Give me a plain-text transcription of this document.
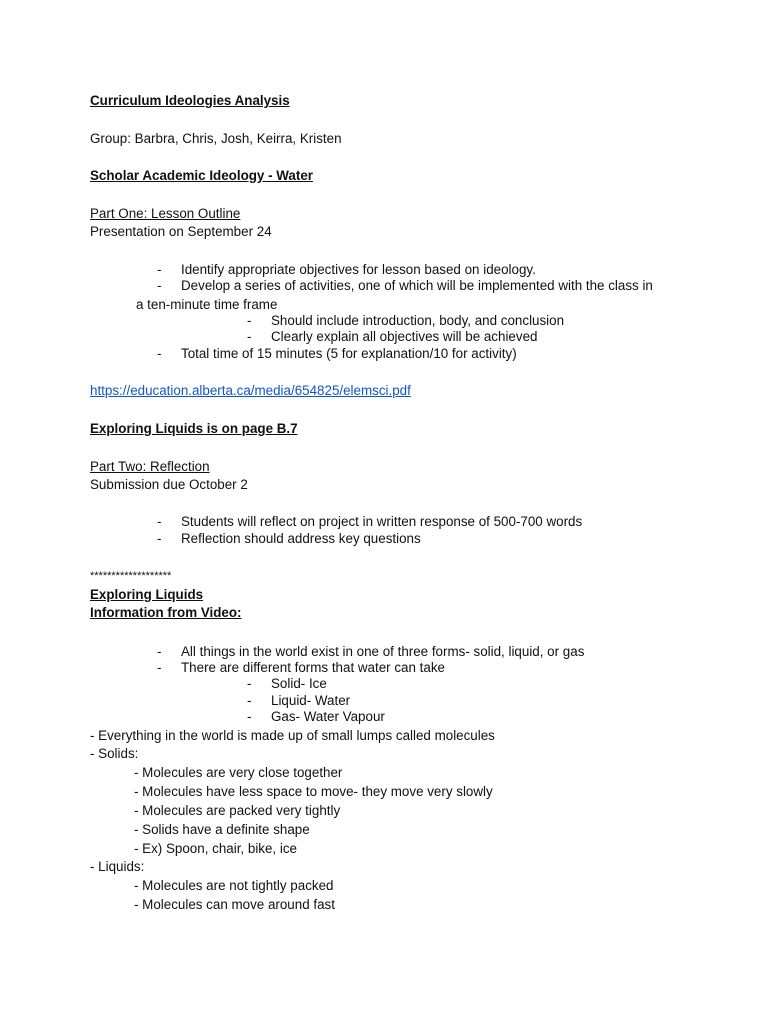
Curriculum Ideologies Analysis
Group: Barbra, Chris, Josh, Keirra, Kristen
Scholar Academic Ideology - Water
Part One: Lesson Outline
Presentation on September 24
- Identify appropriate objectives for lesson based on ideology.
- Develop a series of activities, one of which will be implemented with the class in
a ten-minute time frame
- Should include introduction, body, and conclusion
- Clearly explain all objectives will be achieved
- Total time of 15 minutes (5 for explanation/10 for activity)
https://education.alberta.ca/media/654825/elemsci.pdf
Exploring Liquids is on page B.7
Part Two: Reflection
Submission due October 2
- Students will reflect on project in written response of 500-700 words
- Reflection should address key questions
*******************
Exploring Liquids
Information from Video:
- All things in the world exist in one of three forms- solid, liquid, or gas
- There are different forms that water can take
- Solid- Ice
- Liquid- Water
- Gas- Water Vapour
- Everything in the world is made up of small lumps called molecules
- Solids:
- Molecules are very close together
- Molecules have less space to move- they move very slowly
- Molecules are packed very tightly
- Solids have a definite shape
- Ex) Spoon, chair, bike, ice
- Liquids:
- Molecules are not tightly packed
- Molecules can move around fast
